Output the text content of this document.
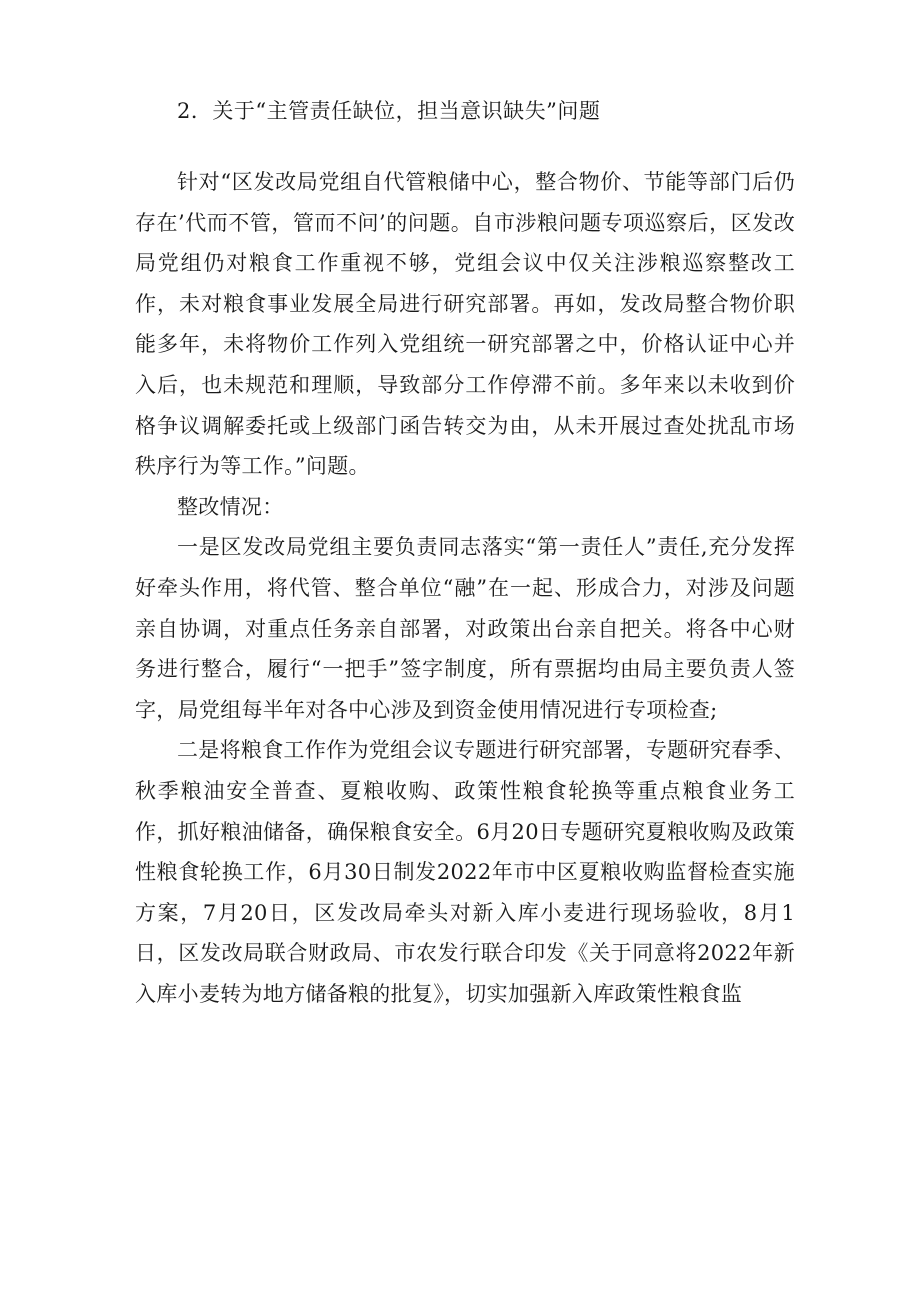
2．关于“主管责任缺位，担当意识缺失”问题

针对“区发改局党组自代管粮储中心，整合物价、节能等部门后仍存在’代而不管，管而不问’的问题。自市涉粮问题专项巡察后，区发改局党组仍对粮食工作重视不够，党组会议中仅关注涉粮巡察整改工作，未对粮食事业发展全局进行研究部署。再如，发改局整合物价职能多年，未将物价工作列入党组统一研究部署之中，价格认证中心并入后，也未规范和理顺，导致部分工作停滞不前。多年来以未收到价格争议调解委托或上级部门函告转交为由，从未开展过查处扰乱市场秩序行为等工作。”问题。

整改情况：

一是区发改局党组主要负责同志落实“第一责任人”责任,充分发挥好牵头作用，将代管、整合单位“融”在一起、形成合力，对涉及问题亲自协调，对重点任务亲自部署，对政策出台亲自把关。将各中心财务进行整合，履行“一把手”签字制度，所有票据均由局主要负责人签字，局党组每半年对各中心涉及到资金使用情况进行专项检查;

二是将粮食工作作为党组会议专题进行研究部署，专题研究春季、秋季粮油安全普查、夏粮收购、政策性粮食轮换等重点粮食业务工作，抓好粮油储备，确保粮食安全。6月20日专题研究夏粮收购及政策性粮食轮换工作，6月30日制发2022年市中区夏粮收购监督检查实施方案，7月20日，区发改局牵头对新入库小麦进行现场验收，8月1日，区发改局联合财政局、市农发行联合印发《关于同意将2022年新入库小麦转为地方储备粮的批复》，切实加强新入库政策性粮食监
